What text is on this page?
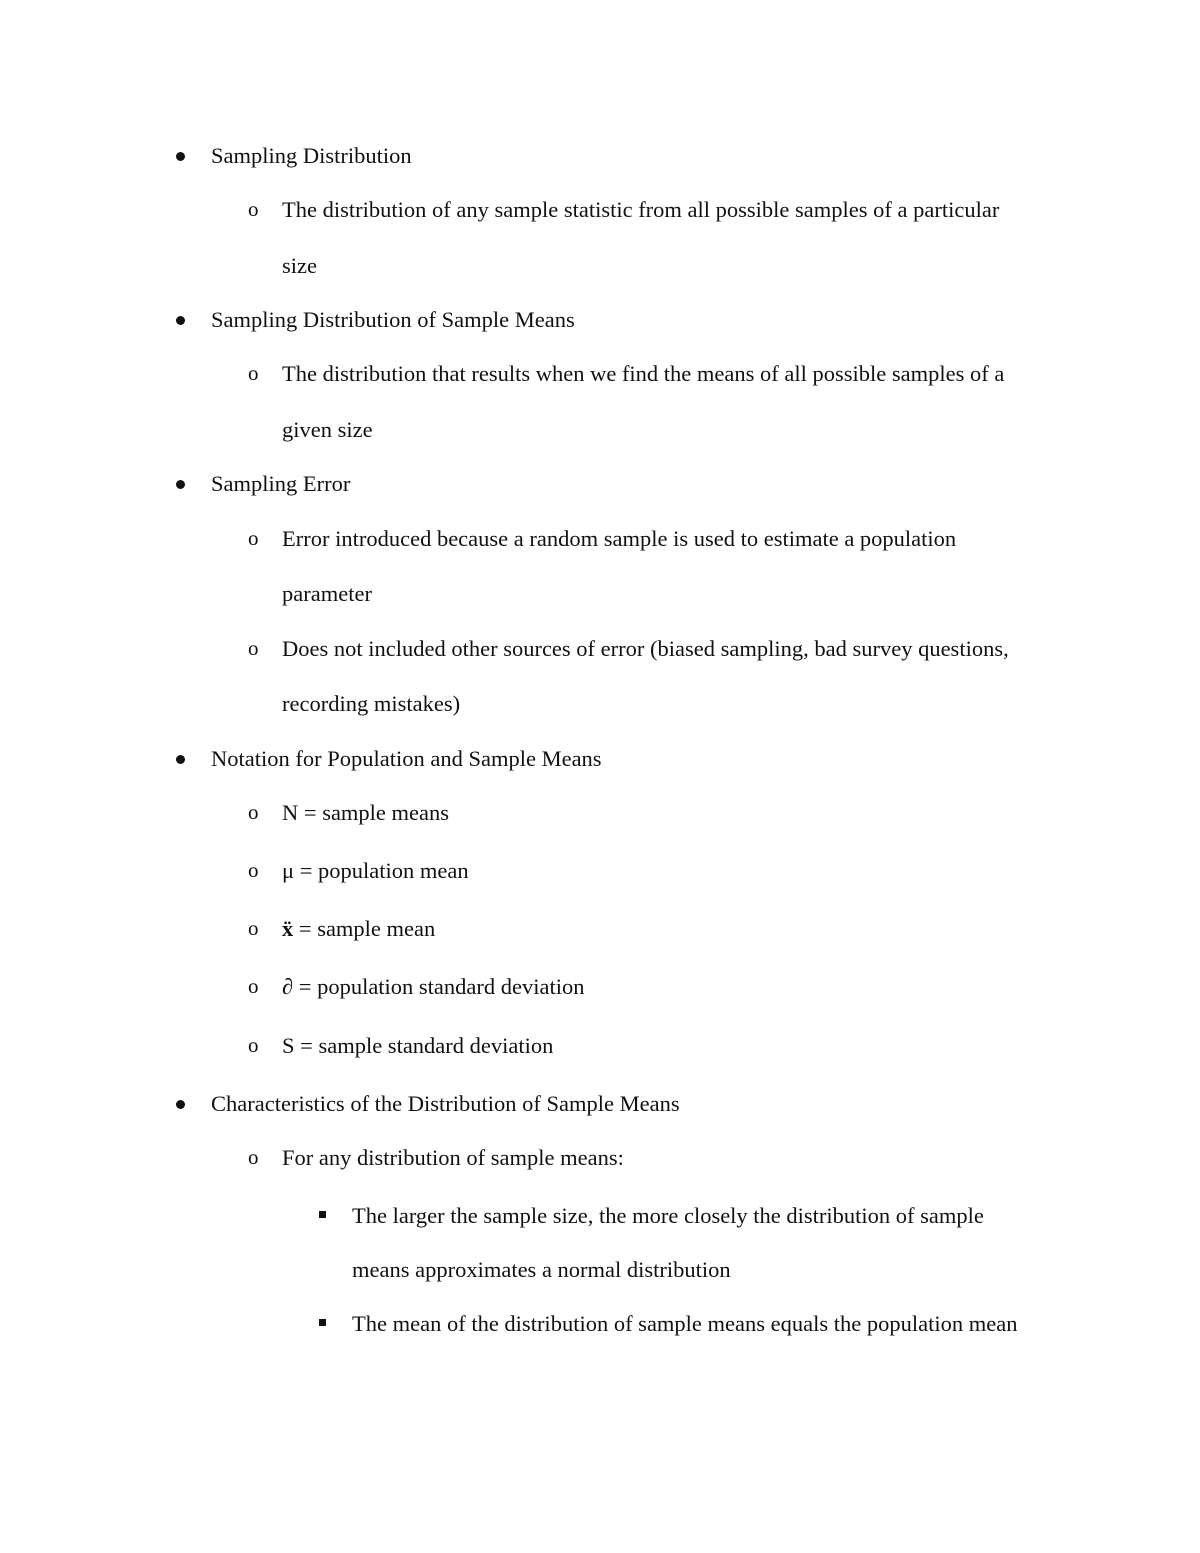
Sampling Distribution
o The distribution of any sample statistic from all possible samples of a particular
size
Sampling Distribution of Sample Means
o The distribution that results when we find the means of all possible samples of a
given size
Sampling Error
o Error introduced because a random sample is used to estimate a population
parameter
o Does not included other sources of error (biased sampling, bad survey questions,
recording mistakes)
Notation for Population and Sample Means
o N = sample means
o μ = population mean
o ẍ = sample mean
o ∂ = population standard deviation
o S = sample standard deviation
Characteristics of the Distribution of Sample Means
o For any distribution of sample means:
The larger the sample size, the more closely the distribution of sample
means approximates a normal distribution
The mean of the distribution of sample means equals the population mean
